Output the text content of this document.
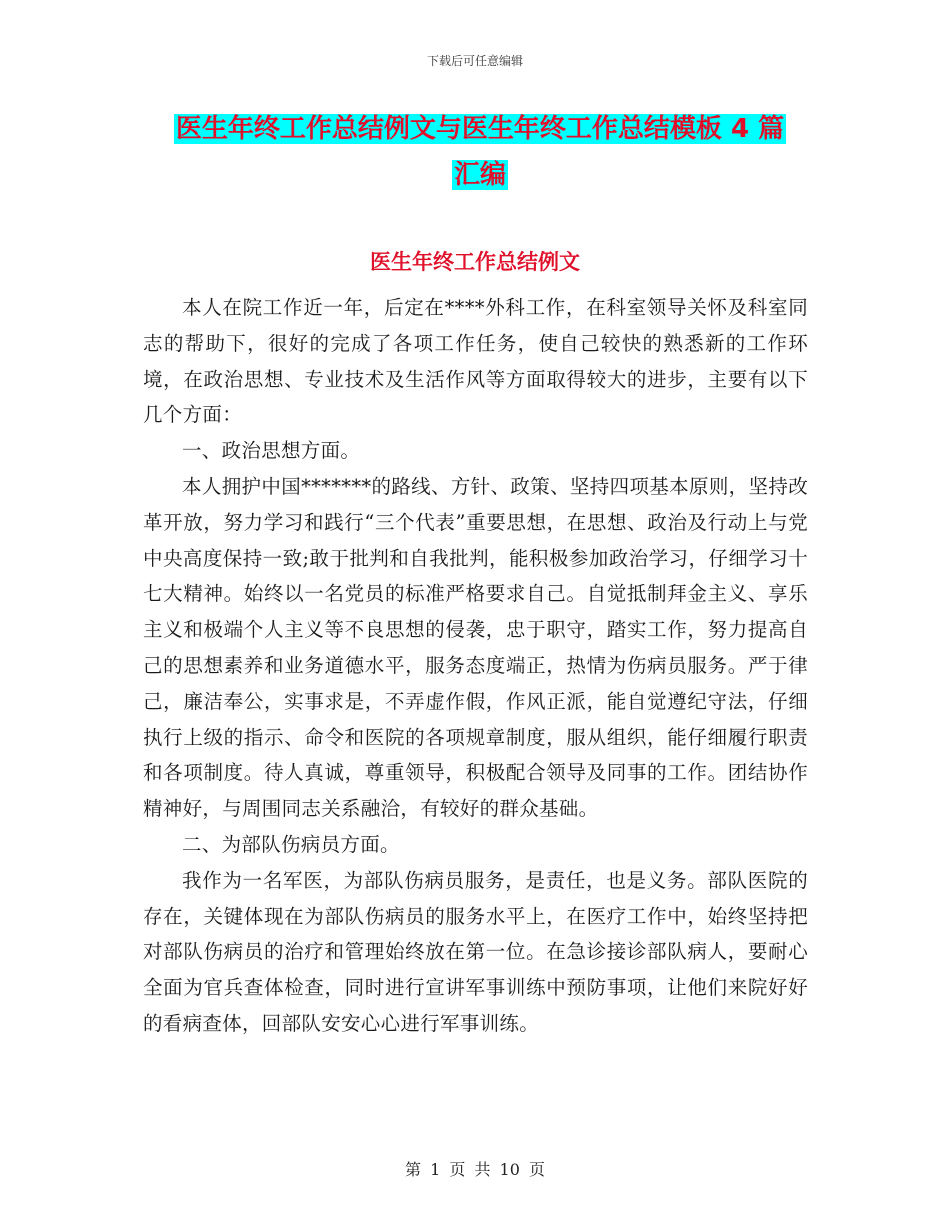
下载后可任意编辑
医生年终工作总结例文与医生年终工作总结模板 4 篇
汇编
医生年终工作总结例文

本人在院工作近一年，后定在****外科工作，在科室领导关怀及科室同志的帮助下，很好的完成了各项工作任务，使自己较快的熟悉新的工作环境，在政治思想、专业技术及生活作风等方面取得较大的进步，主要有以下几个方面：

一、政治思想方面。

本人拥护中国*******的路线、方针、政策、坚持四项基本原则，坚持改革开放，努力学习和践行“三个代表”重要思想，在思想、政治及行动上与党中央高度保持一致;敢于批判和自我批判，能积极参加政治学习，仔细学习十七大精神。始终以一名党员的标准严格要求自己。自觉抵制拜金主义、享乐主义和极端个人主义等不良思想的侵袭，忠于职守，踏实工作，努力提高自己的思想素养和业务道德水平，服务态度端正，热情为伤病员服务。严于律己，廉洁奉公，实事求是，不弄虚作假，作风正派，能自觉遵纪守法，仔细执行上级的指示、命令和医院的各项规章制度，服从组织，能仔细履行职责和各项制度。待人真诚，尊重领导，积极配合领导及同事的工作。团结协作精神好，与周围同志关系融洽，有较好的群众基础。

二、为部队伤病员方面。

我作为一名军医，为部队伤病员服务，是责任，也是义务。部队医院的存在，关键体现在为部队伤病员的服务水平上，在医疗工作中，始终坚持把对部队伤病员的治疗和管理始终放在第一位。在急诊接诊部队病人，要耐心全面为官兵查体检查，同时进行宣讲军事训练中预防事项，让他们来院好好的看病查体，回部队安安心心进行军事训练。

第 1 页 共 10 页
